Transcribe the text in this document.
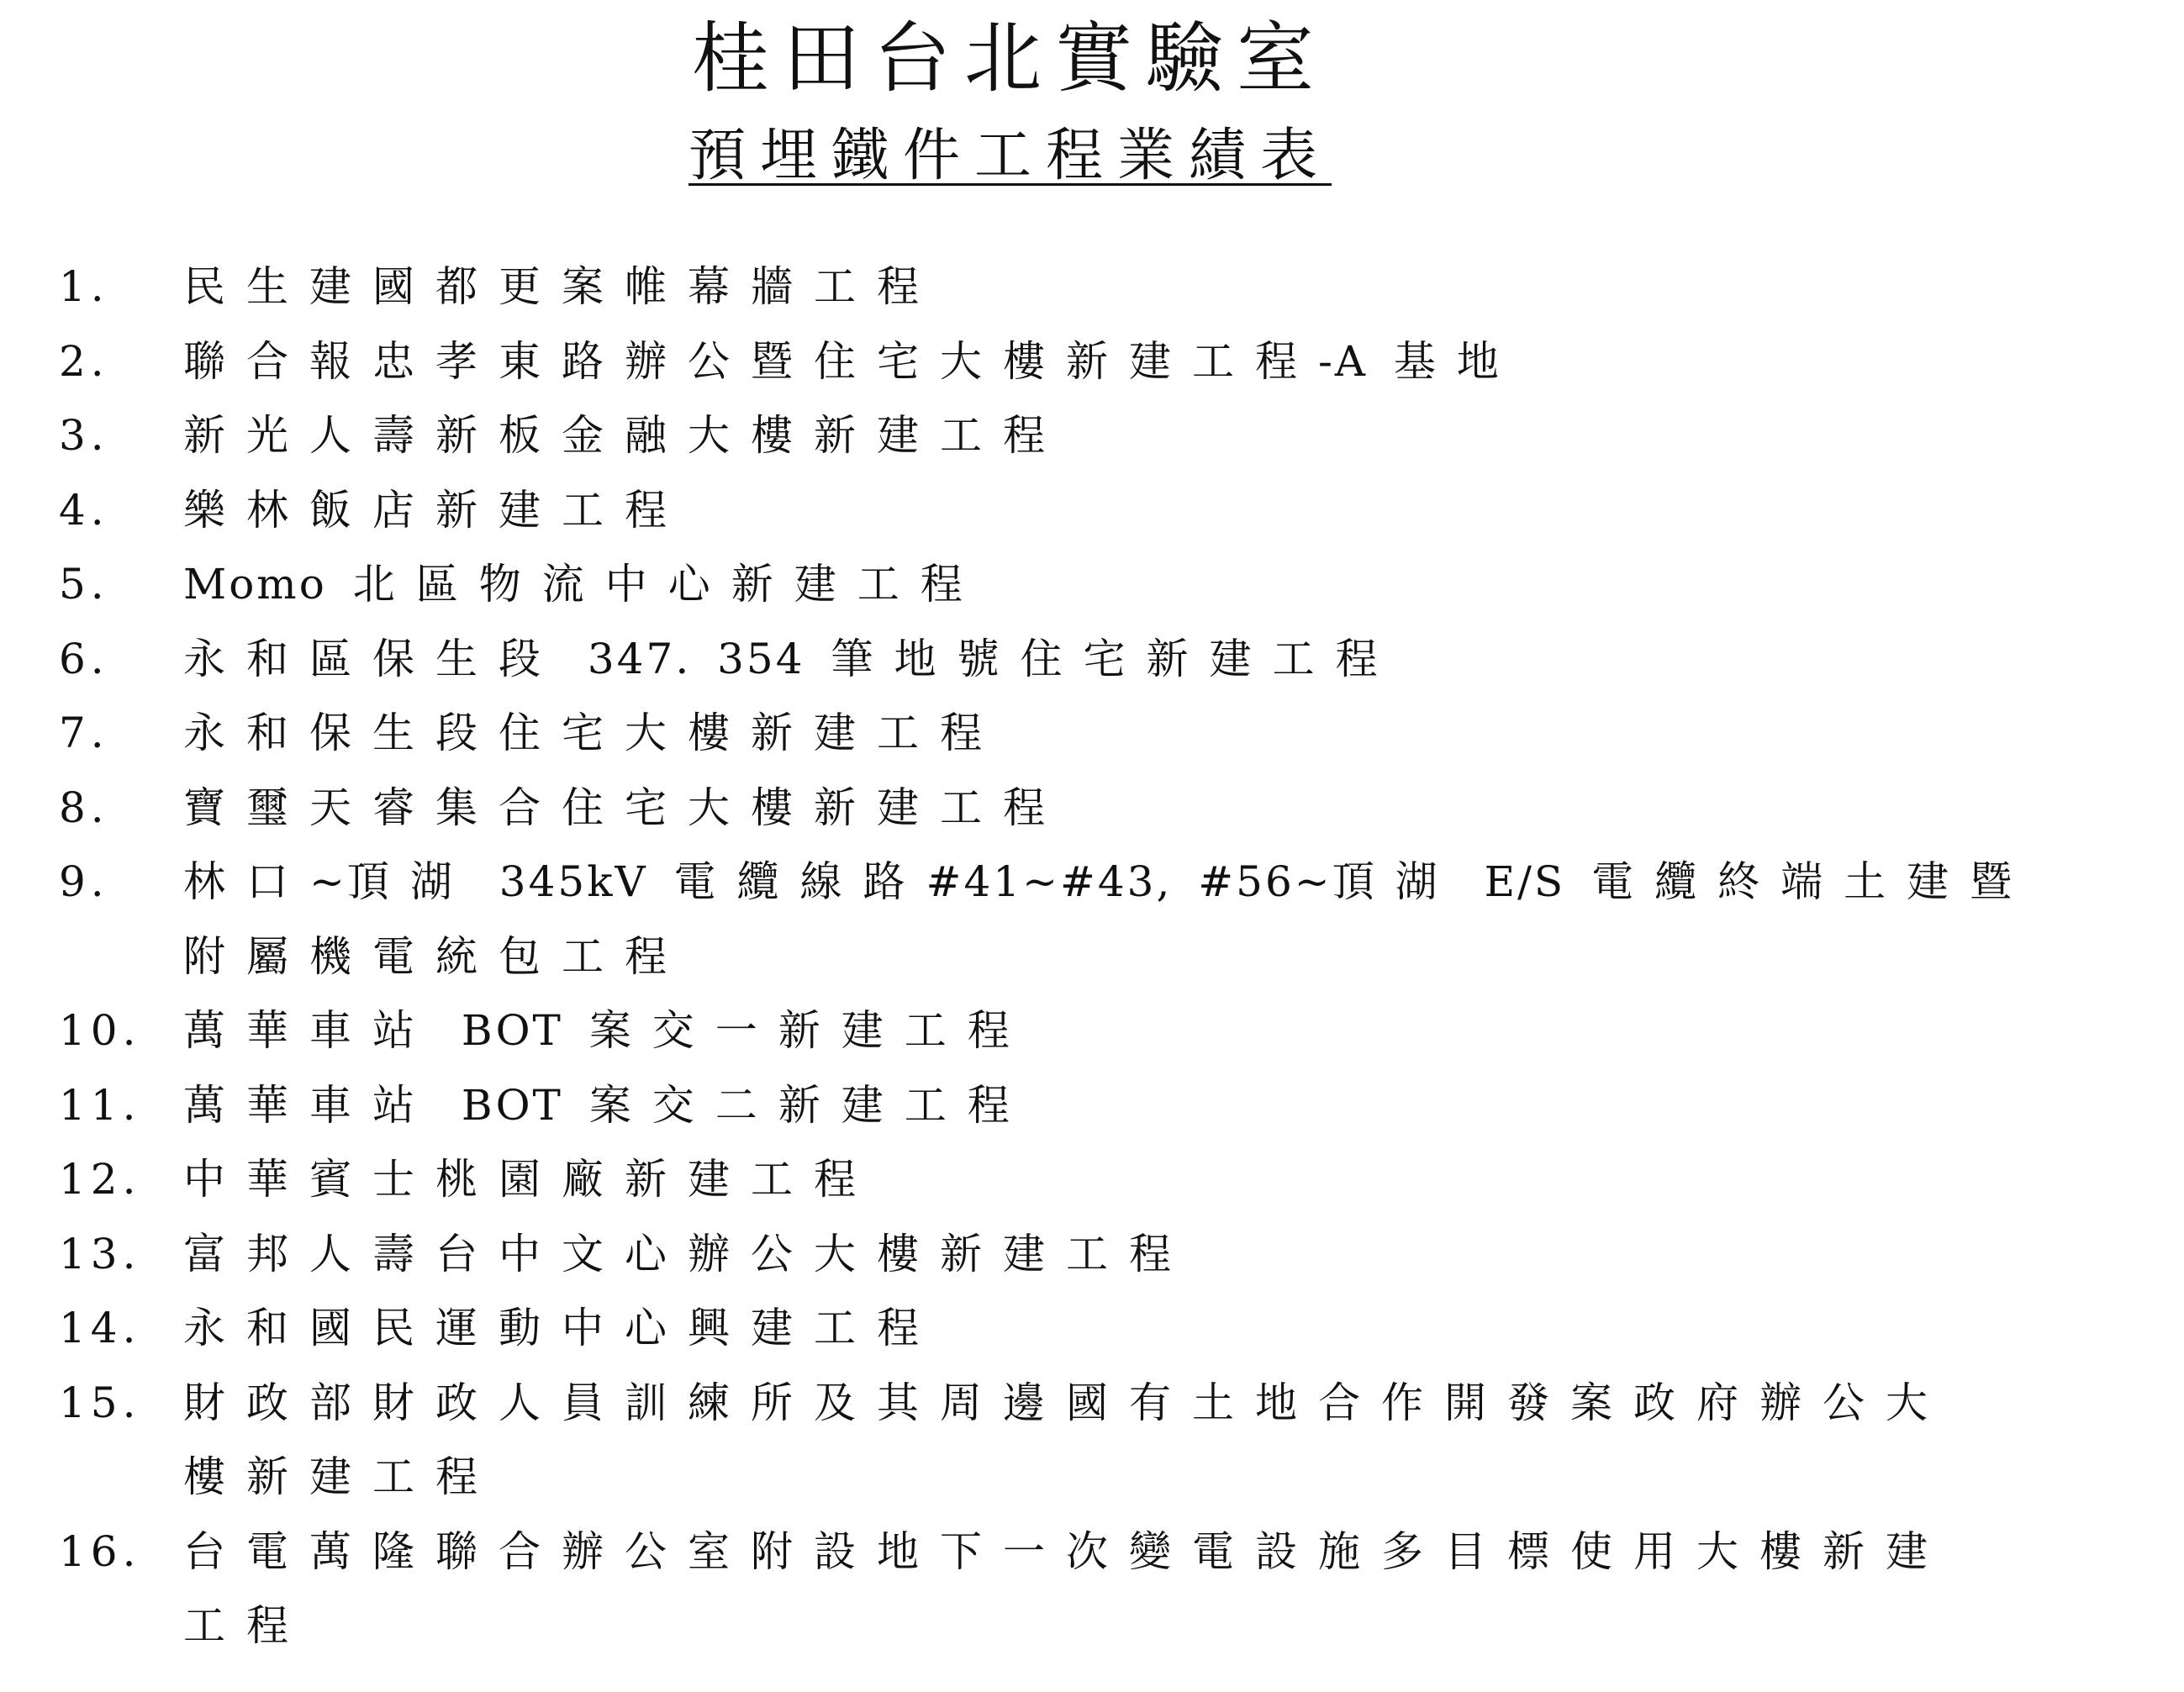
桂田台北實驗室
預埋鐵件工程業績表
1. 民生建國都更案帷幕牆工程
2. 聯合報忠孝東路辦公暨住宅大樓新建工程-A 基地
3. 新光人壽新板金融大樓新建工程
4. 樂林飯店新建工程
5. Momo 北區物流中心新建工程
6. 永和區保生段 347. 354 筆地號住宅新建工程
7. 永和保生段住宅大樓新建工程
8. 寶璽天睿集合住宅大樓新建工程
9. 林口~頂湖 345kV 電纜線路#41~#43, #56~頂湖 E/S 電纜終端土建暨
附屬機電統包工程
10. 萬華車站 BOT 案交一新建工程
11. 萬華車站 BOT 案交二新建工程
12. 中華賓士桃園廠新建工程
13. 富邦人壽台中文心辦公大樓新建工程
14. 永和國民運動中心興建工程
15. 財政部財政人員訓練所及其周邊國有土地合作開發案政府辦公大
樓新建工程
16. 台電萬隆聯合辦公室附設地下一次變電設施多目標使用大樓新建
工程
